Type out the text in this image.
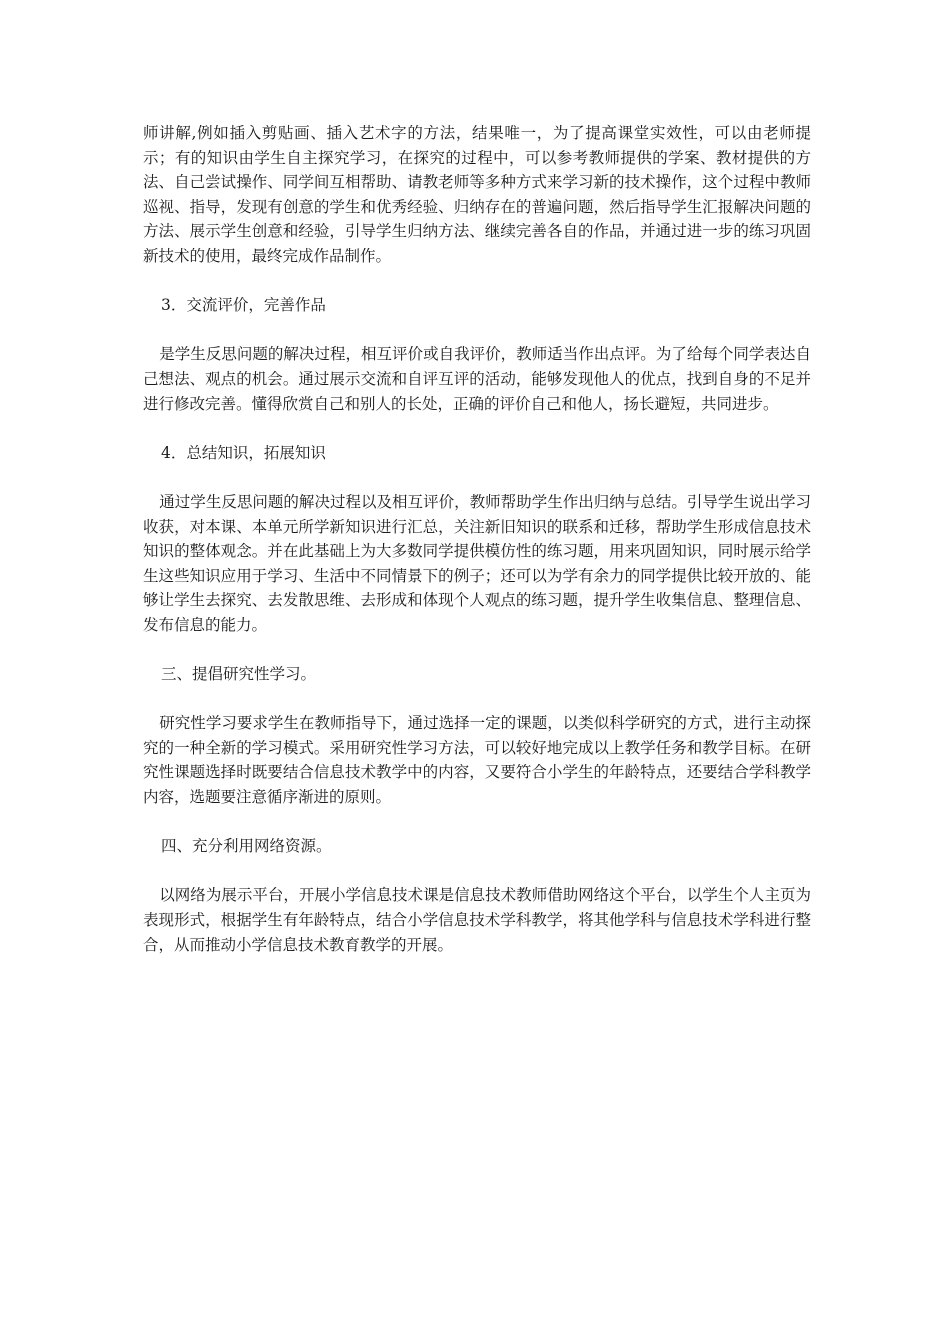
师讲解,例如插入剪贴画、插入艺术字的方法，结果唯一，为了提高课堂实效性，可以由老师提示；有的知识由学生自主探究学习，在探究的过程中，可以参考教师提供的学案、教材提供的方法、自己尝试操作、同学间互相帮助、请教老师等多种方式来学习新的技术操作，这个过程中教师巡视、指导，发现有创意的学生和优秀经验、归纳存在的普遍问题，然后指导学生汇报解决问题的方法、展示学生创意和经验，引导学生归纳方法、继续完善各自的作品，并通过进一步的练习巩固新技术的使用，最终完成作品制作。

3．交流评价，完善作品

是学生反思问题的解决过程，相互评价或自我评价，教师适当作出点评。为了给每个同学表达自己想法、观点的机会。通过展示交流和自评互评的活动，能够发现他人的优点，找到自身的不足并进行修改完善。懂得欣赏自己和别人的长处，正确的评价自己和他人，扬长避短，共同进步。

4．总结知识，拓展知识

通过学生反思问题的解决过程以及相互评价，教师帮助学生作出归纳与总结。引导学生说出学习收获，对本课、本单元所学新知识进行汇总，关注新旧知识的联系和迁移，帮助学生形成信息技术知识的整体观念。并在此基础上为大多数同学提供模仿性的练习题，用来巩固知识，同时展示给学生这些知识应用于学习、生活中不同情景下的例子；还可以为学有余力的同学提供比较开放的、能够让学生去探究、去发散思维、去形成和体现个人观点的练习题，提升学生收集信息、整理信息、发布信息的能力。

三、提倡研究性学习。

研究性学习要求学生在教师指导下，通过选择一定的课题，以类似科学研究的方式，进行主动探究的一种全新的学习模式。采用研究性学习方法，可以较好地完成以上教学任务和教学目标。在研究性课题选择时既要结合信息技术教学中的内容，又要符合小学生的年龄特点，还要结合学科教学内容，选题要注意循序渐进的原则。

四、充分利用网络资源。

以网络为展示平台，开展小学信息技术课是信息技术教师借助网络这个平台，以学生个人主页为表现形式，根据学生有年龄特点，结合小学信息技术学科教学，将其他学科与信息技术学科进行整合，从而推动小学信息技术教育教学的开展。
